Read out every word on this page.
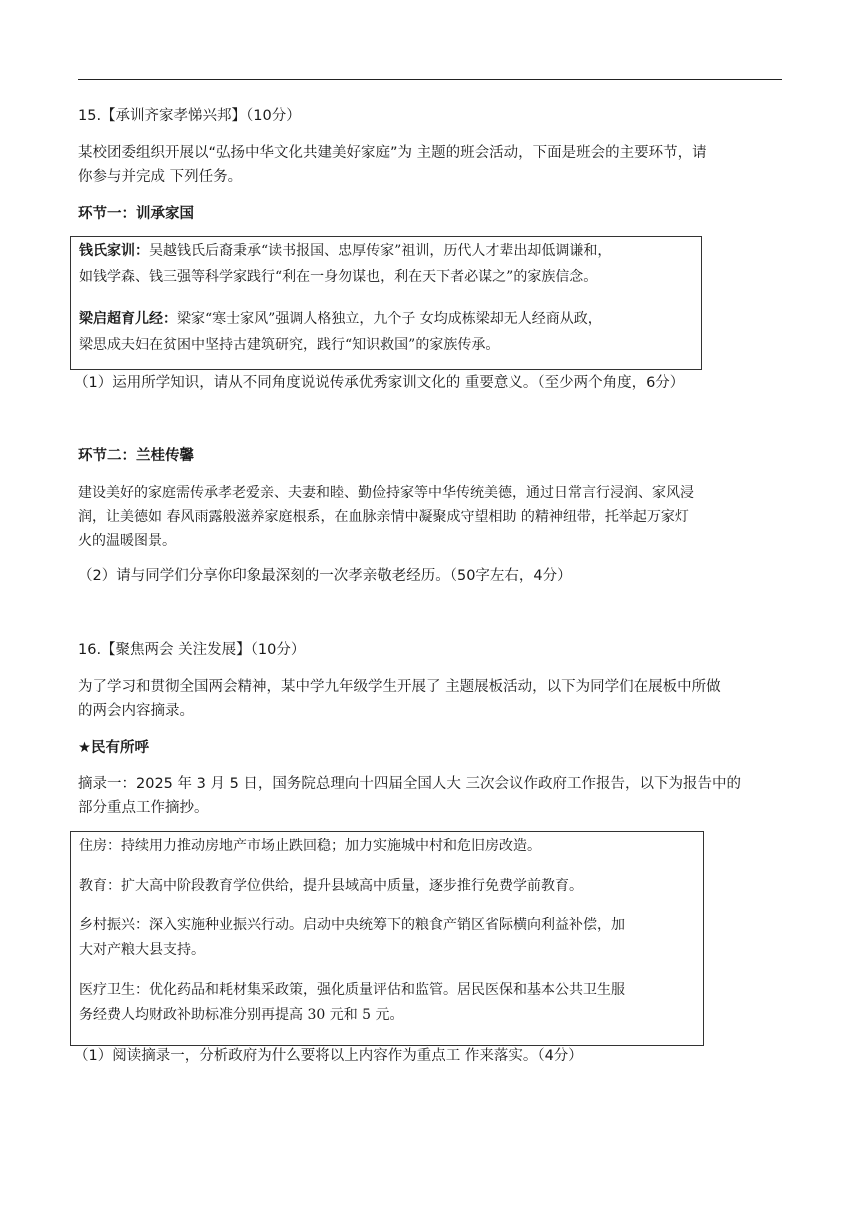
15.【承训齐家孝悌兴邦】（10分）
某校团委组织开展以“弘扬中华文化共建美好家庭”为 主题的班会活动，下面是班会的主要环节，请
你参与并完成 下列任务。
环节一：训承家国
钱氏家训：吴越钱氏后裔秉承“读书报国、忠厚传家”祖训，历代人才辈出却低调谦和，
如钱学森、钱三强等科学家践行“利在一身勿谋也，利在天下者必谋之”的家族信念。
梁启超育儿经：梁家“寒士家风”强调人格独立，九个子 女均成栋梁却无人经商从政，
梁思成夫妇在贫困中坚持古建筑研究，践行“知识救国”的家族传承。
（1）运用所学知识，请从不同角度说说传承优秀家训文化的 重要意义。（至少两个角度，6分）
环节二：兰桂传馨
建设美好的家庭需传承孝老爱亲、夫妻和睦、勤俭持家等中华传统美德，通过日常言行浸润、家风浸
润，让美德如 春风雨露般滋养家庭根系，在血脉亲情中凝聚成守望相助 的精神纽带，托举起万家灯
火的温暖图景。
（2）请与同学们分享你印象最深刻的一次孝亲敬老经历。（50字左右，4分）
16.【聚焦两会 关注发展】（10分）
为了学习和贯彻全国两会精神，某中学九年级学生开展了 主题展板活动，以下为同学们在展板中所做
的两会内容摘录。
★民有所呼
摘录一：2025 年 3 月 5 日，国务院总理向十四届全国人大 三次会议作政府工作报告，以下为报告中的
部分重点工作摘抄。
住房：持续用力推动房地产市场止跌回稳；加力实施城中村和危旧房改造。
教育：扩大高中阶段教育学位供给，提升县域高中质量，逐步推行免费学前教育。
乡村振兴：深入实施种业振兴行动。启动中央统筹下的粮食产销区省际横向利益补偿，加
大对产粮大县支持。
医疗卫生：优化药品和耗材集采政策，强化质量评估和监管。居民医保和基本公共卫生服
务经费人均财政补助标准分别再提高 30 元和 5 元。
（1）阅读摘录一，分析政府为什么要将以上内容作为重点工 作来落实。（4分）
